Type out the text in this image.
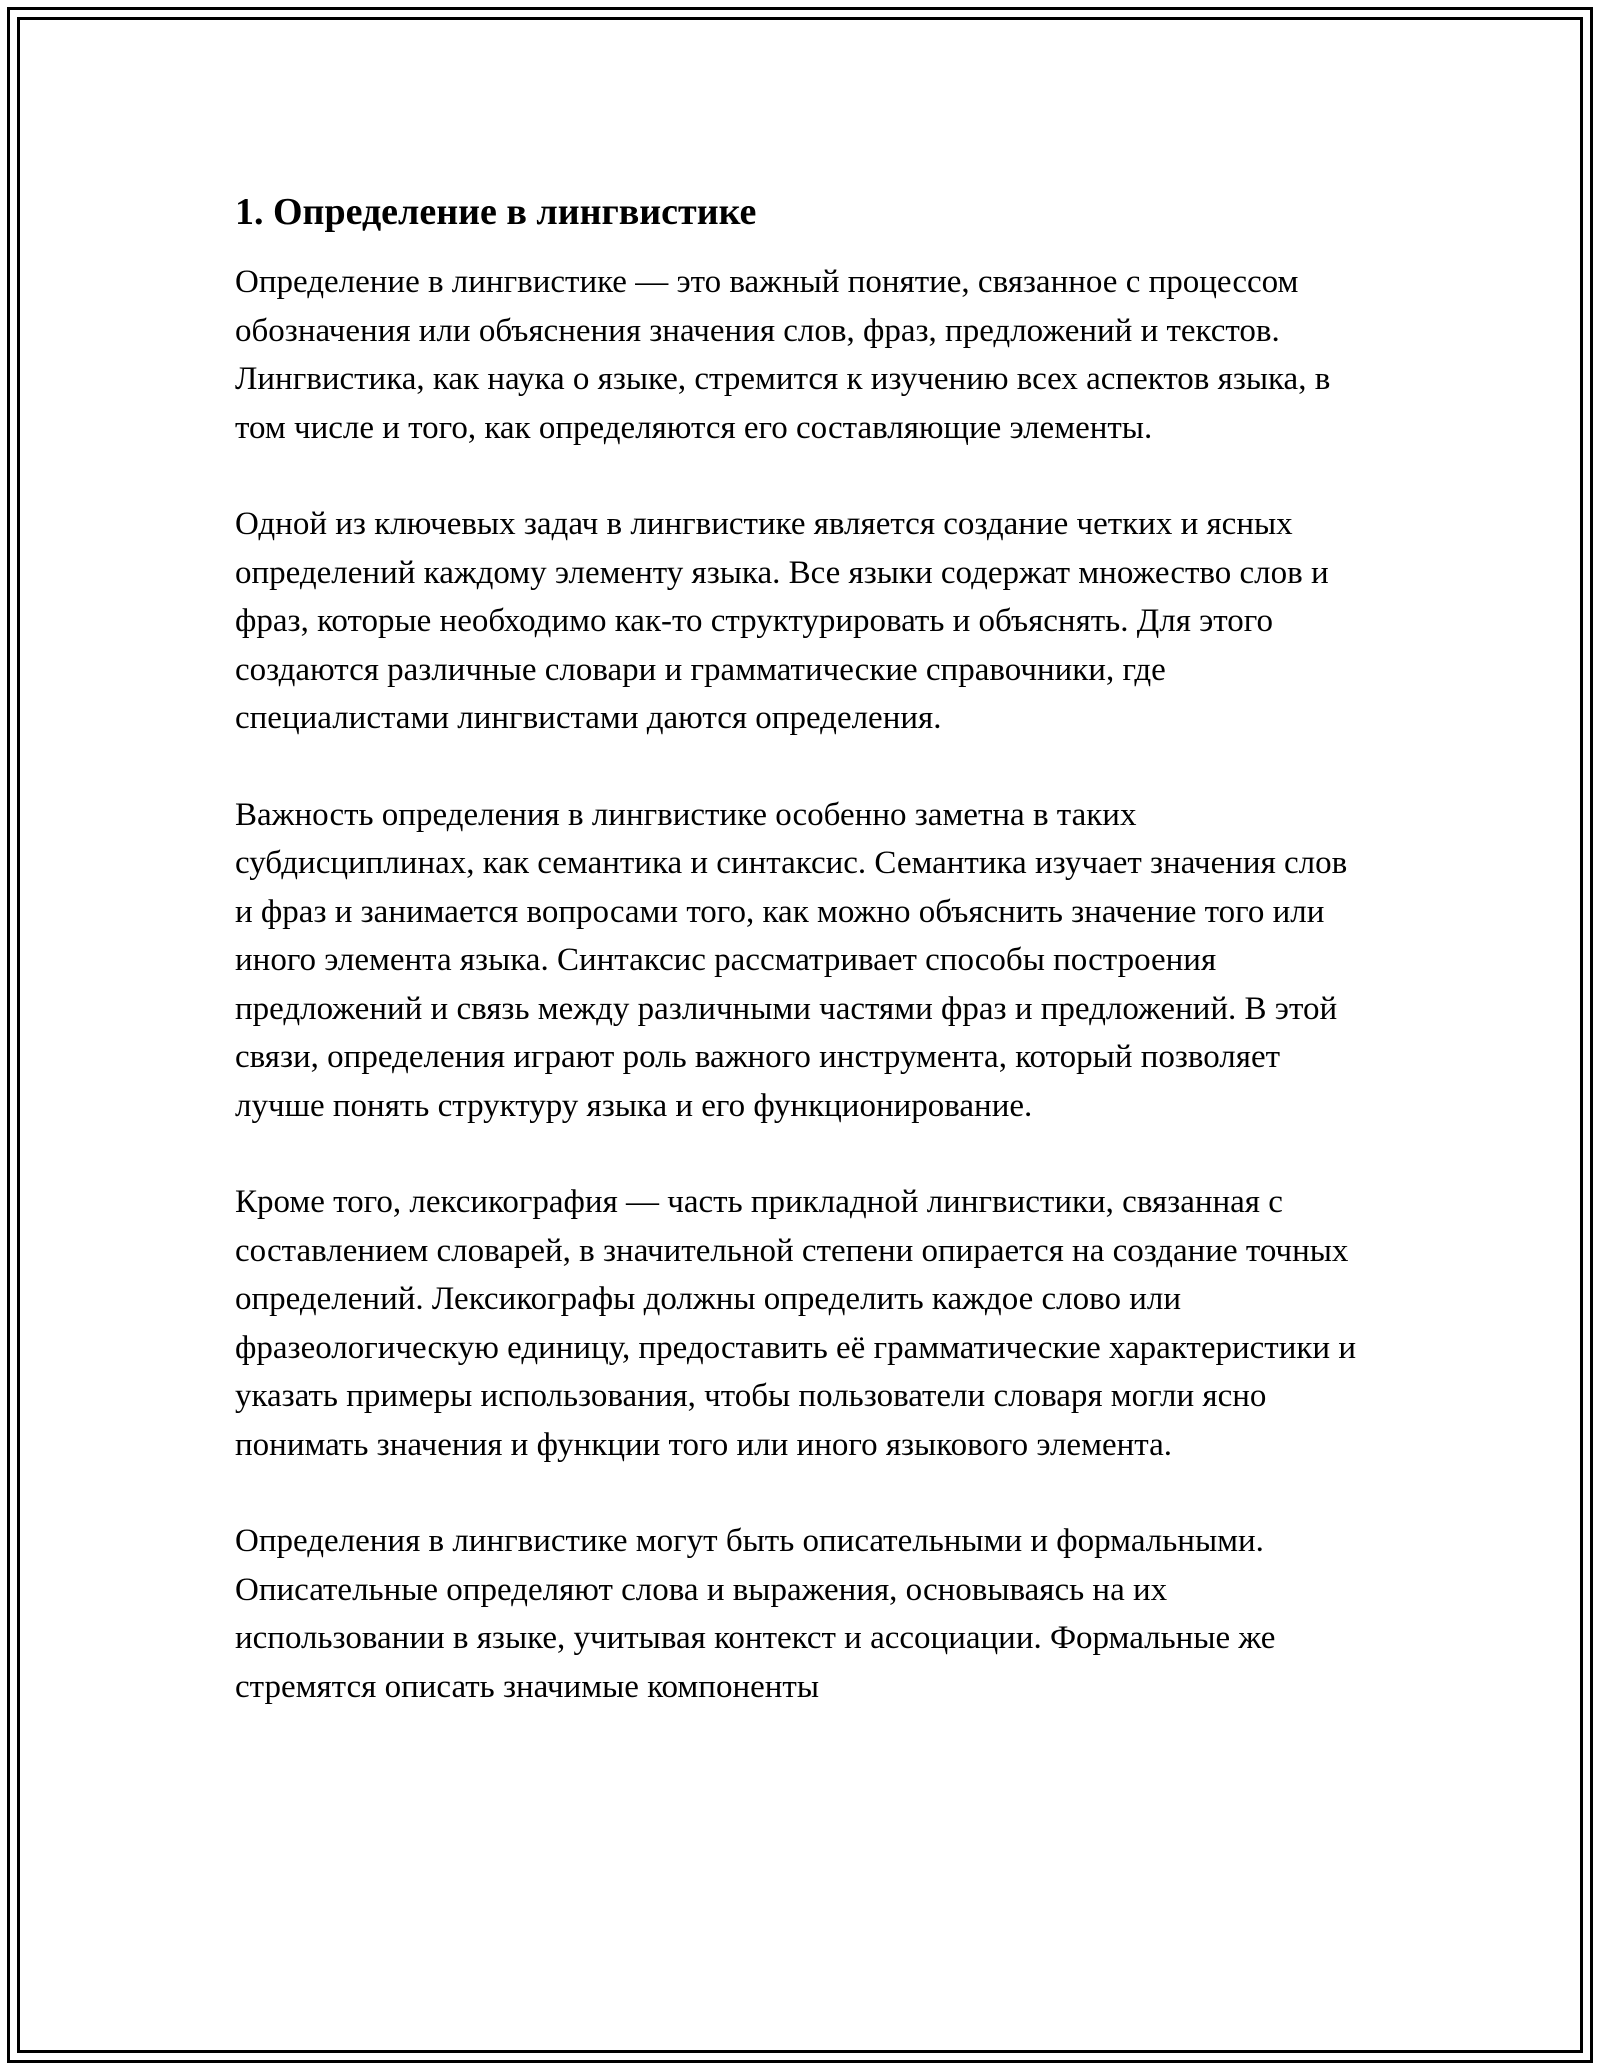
1. Определение в лингвистике

Определение в лингвистике — это важный понятие, связанное с процессом обозначения или объяснения значения слов, фраз, предложений и текстов. Лингвистика, как наука о языке, стремится к изучению всех аспектов языка, в том числе и того, как определяются его составляющие элементы.

Одной из ключевых задач в лингвистике является создание четких и ясных определений каждому элементу языка. Все языки содержат множество слов и фраз, которые необходимо как-то структурировать и объяснять. Для этого создаются различные словари и грамматические справочники, где специалистами лингвистами даются определения.

Важность определения в лингвистике особенно заметна в таких субдисциплинах, как семантика и синтаксис. Семантика изучает значения слов и фраз и занимается вопросами того, как можно объяснить значение того или иного элемента языка. Синтаксис рассматривает способы построения предложений и связь между различными частями фраз и предложений. В этой связи, определения играют роль важного инструмента, который позволяет лучше понять структуру языка и его функционирование.

Кроме того, лексикография — часть прикладной лингвистики, связанная с составлением словарей, в значительной степени опирается на создание точных определений. Лексикографы должны определить каждое слово или фразеологическую единицу, предоставить её грамматические характеристики и указать примеры использования, чтобы пользователи словаря могли ясно понимать значения и функции того или иного языкового элемента.

Определения в лингвистике могут быть описательными и формальными. Описательные определяют слова и выражения, основываясь на их использовании в языке, учитывая контекст и ассоциации. Формальные же стремятся описать значимые компоненты
